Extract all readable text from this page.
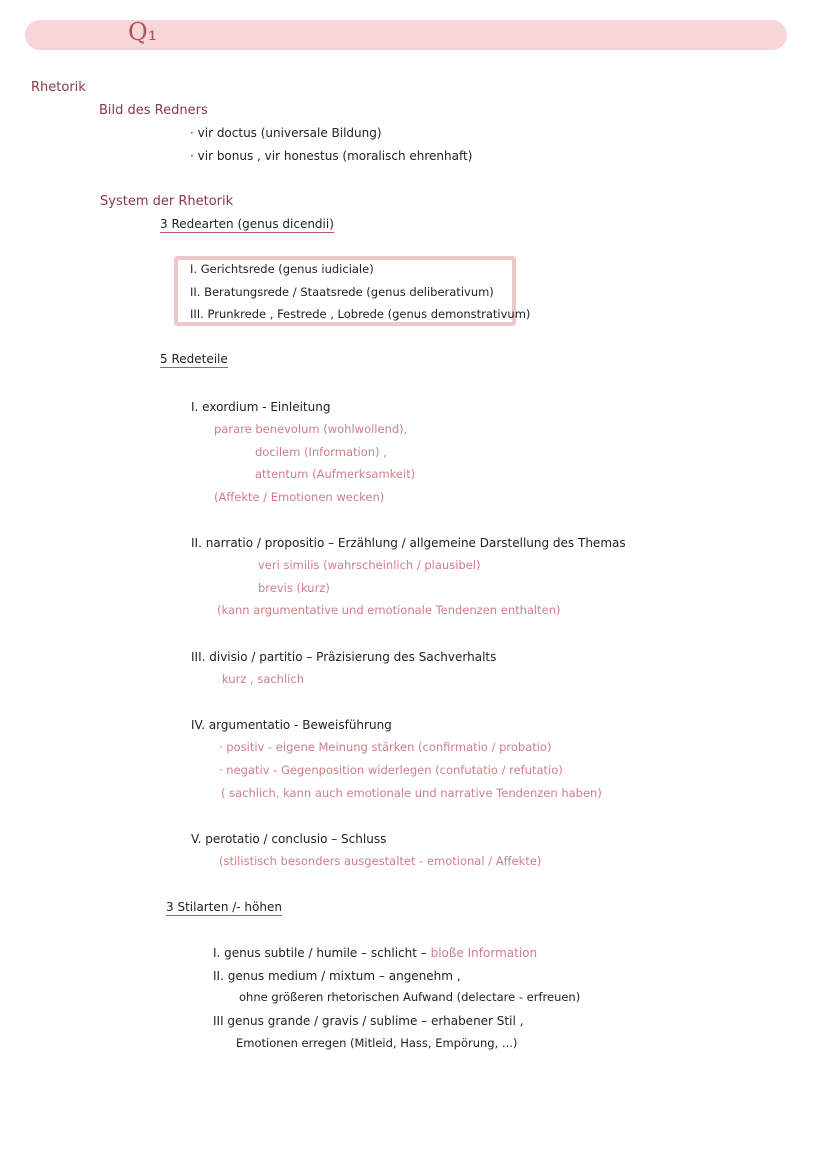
Q₁
Rhetorik
Bild des Redners
· vir doctus (universale Bildung)
· vir bonus , vir honestus (moralisch ehrenhaft)
System der Rhetorik
3 Redearten (genus dicendii)
I. Gerichtsrede (genus iudiciale)
II. Beratungsrede / Staatsrede (genus deliberativum)
III. Prunkrede , Festrede , Lobrede (genus demonstrativum)
5 Redeteile
I. exordium - Einleitung
parare benevolum (wohlwollend),
docilem (Information) ,
attentum (Aufmerksamkeit)
(Affekte / Emotionen wecken)
II. narratio / propositio – Erzählung / allgemeine Darstellung des Themas
veri similis (wahrscheinlich / plausibel)
brevis (kurz)
(kann argumentative und emotionale Tendenzen enthalten)
III. divisio / partitio – Präzisierung des Sachverhalts
kurz , sachlich
IV. argumentatio - Beweisführung
· positiv - eigene Meinung stärken (confirmatio / probatio)
· negativ - Gegenposition widerlegen (confutatio / refutatio)
( sachlich, kann auch emotionale und narrative Tendenzen haben)
V. perotatio / conclusio – Schluss
(stilistisch besonders ausgestaltet - emotional / Affekte)
3 Stilarten /- höhen
I. genus subtile / humile – schlicht – bloße Information
II. genus medium / mixtum – angenehm ,
ohne größeren rhetorischen Aufwand (delectare - erfreuen)
III genus grande / gravis / sublime – erhabener Stil ,
Emotionen erregen (Mitleid, Hass, Empörung, ...)
